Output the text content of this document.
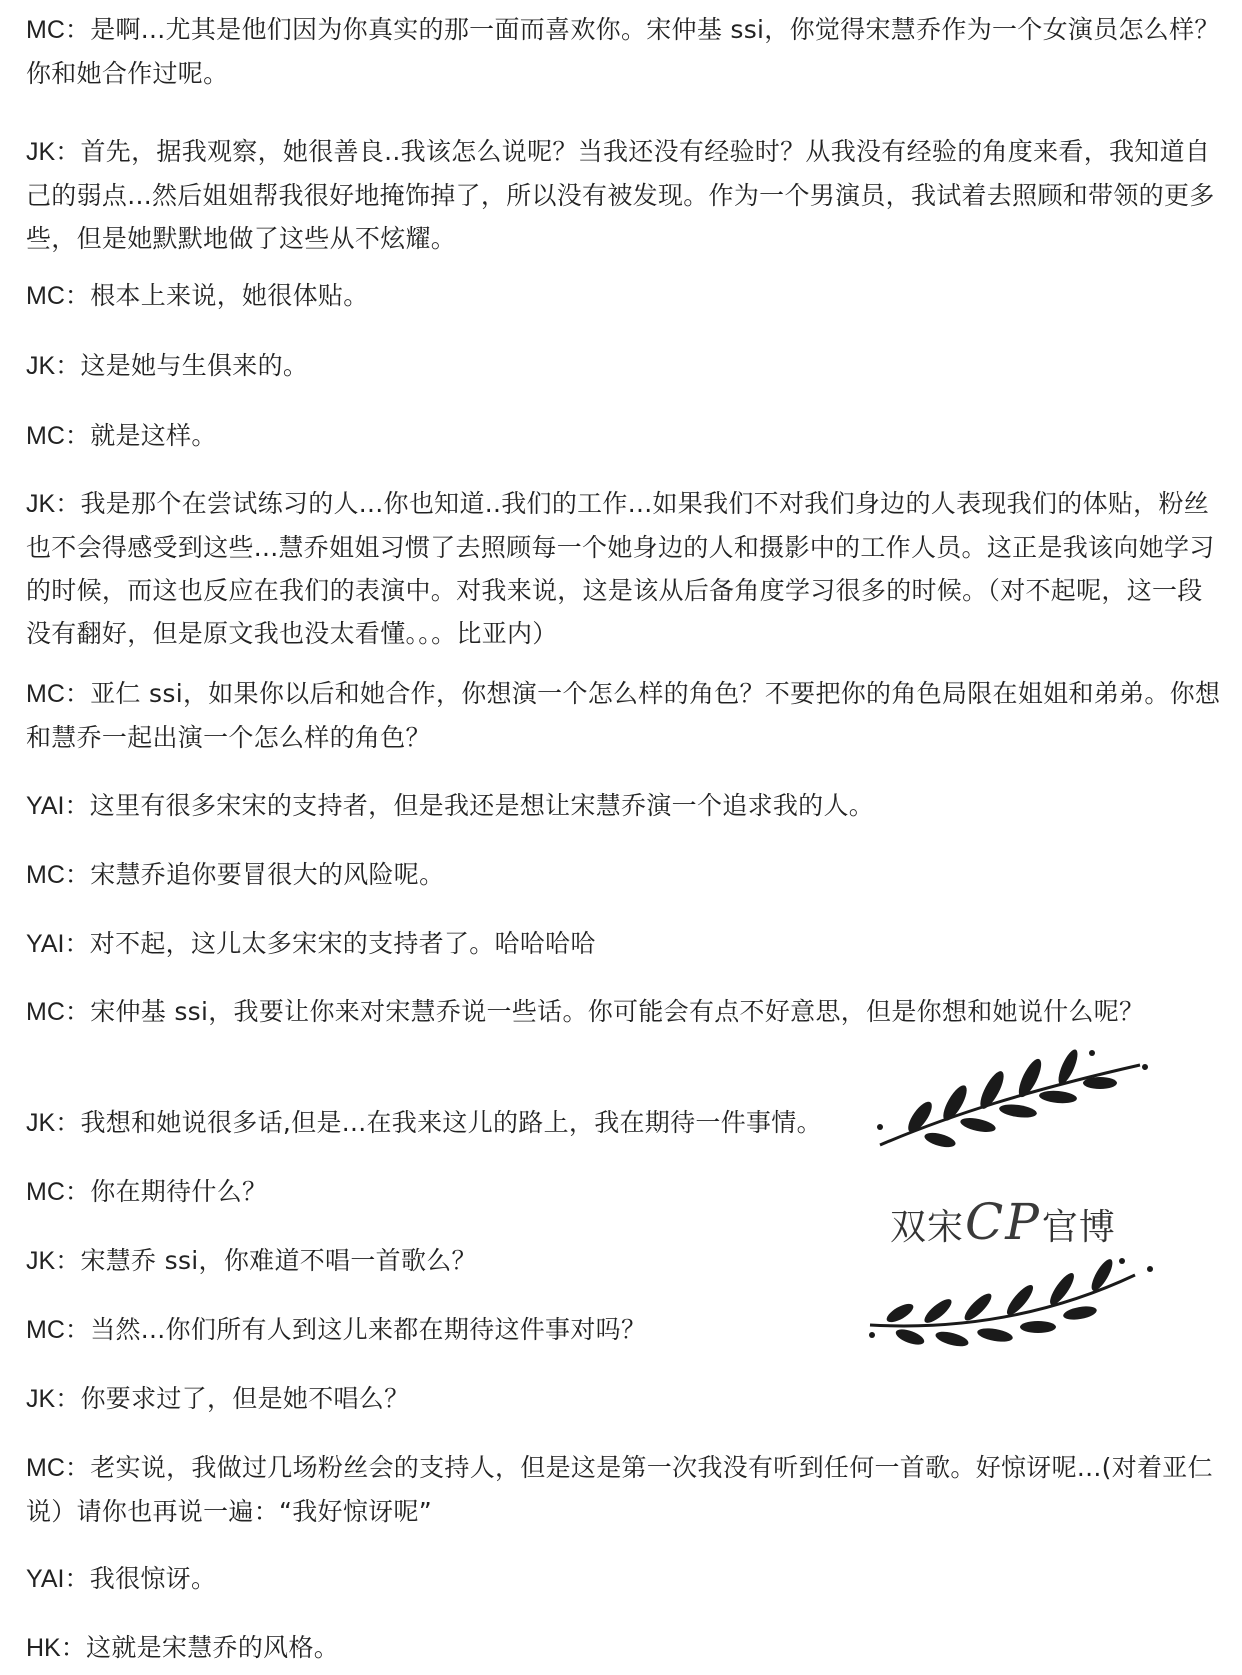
MC：是啊...尤其是他们因为你真实的那一面而喜欢你。宋仲基 ssi，你觉得宋慧乔作为一个女演员怎么样？你和她合作过呢。

JK：首先，据我观察，她很善良..我该怎么说呢？当我还没有经验时？从我没有经验的角度来看，我知道自己的弱点...然后姐姐帮我很好地掩饰掉了，所以没有被发现。作为一个男演员，我试着去照顾和带领的更多些，但是她默默地做了这些从不炫耀。

MC：根本上来说，她很体贴。

JK：这是她与生俱来的。

MC：就是这样。

JK：我是那个在尝试练习的人...你也知道..我们的工作...如果我们不对我们身边的人表现我们的体贴，粉丝也不会得感受到这些...慧乔姐姐习惯了去照顾每一个她身边的人和摄影中的工作人员。这正是我该向她学习的时候，而这也反应在我们的表演中。对我来说，这是该从后备角度学习很多的时候。（对不起呢，这一段没有翻好，但是原文我也没太看懂。。。比亚内）

MC：亚仁 ssi，如果你以后和她合作，你想演一个怎么样的角色？不要把你的角色局限在姐姐和弟弟。你想和慧乔一起出演一个怎么样的角色？

YAI：这里有很多宋宋的支持者，但是我还是想让宋慧乔演一个追求我的人。

MC：宋慧乔追你要冒很大的风险呢。

YAI：对不起，这儿太多宋宋的支持者了。哈哈哈哈

MC：宋仲基 ssi，我要让你来对宋慧乔说一些话。你可能会有点不好意思，但是你想和她说什么呢？

JK：我想和她说很多话,但是...在我来这儿的路上，我在期待一件事情。

MC：你在期待什么？

JK：宋慧乔 ssi，你难道不唱一首歌么？

MC：当然...你们所有人到这儿来都在期待这件事对吗？

JK：你要求过了，但是她不唱么？

MC：老实说，我做过几场粉丝会的支持人，但是这是第一次我没有听到任何一首歌。好惊讶呢...(对着亚仁说）请你也再说一遍：“我好惊讶呢”

YAI：我很惊讶。

HK：这就是宋慧乔的风格。

双宋CP官博
